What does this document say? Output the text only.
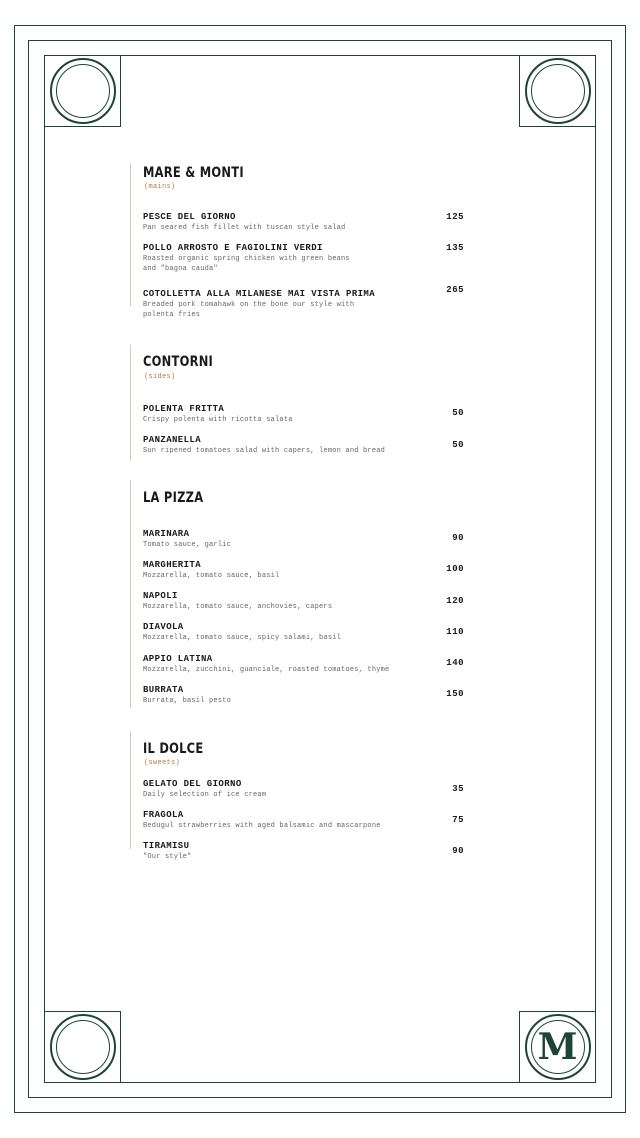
M
MARE & MONTI
(mains)
PESCE DEL GIORNO
Pan seared fish fillet with tuscan style salad
125
POLLO ARROSTO E FAGIOLINI VERDI
Roasted organic spring chicken with green beans
and "bagna cauda"
135
COTOLLETTA ALLA MILANESE MAI VISTA PRIMA
Breaded pork tomahawk on the bone our style with
polenta fries
265
CONTORNI
(sides)
POLENTA FRITTA
Crispy polenta with ricotta salata
50
PANZANELLA
Sun ripened tomatoes salad with capers, lemon and bread
50
LA PIZZA
MARINARA
Tomato sauce, garlic
90
MARGHERITA
Mozzarella, tomato sauce, basil
100
NAPOLI
Mozzarella, tomato sauce, anchovies, capers
120
DIAVOLA
Mozzarella, tomato sauce, spicy salami, basil
110
APPIO LATINA
Mozzarella, zucchini, guanciale, roasted tomatoes, thyme
140
BURRATA
Burrata, basil pesto
150
IL DOLCE
(sweets)
GELATO DEL GIORNO
Daily selection of ice cream
35
FRAGOLA
Bedugul strawberries with aged balsamic and mascarpone
75
TIRAMISU
"Our style"
90
